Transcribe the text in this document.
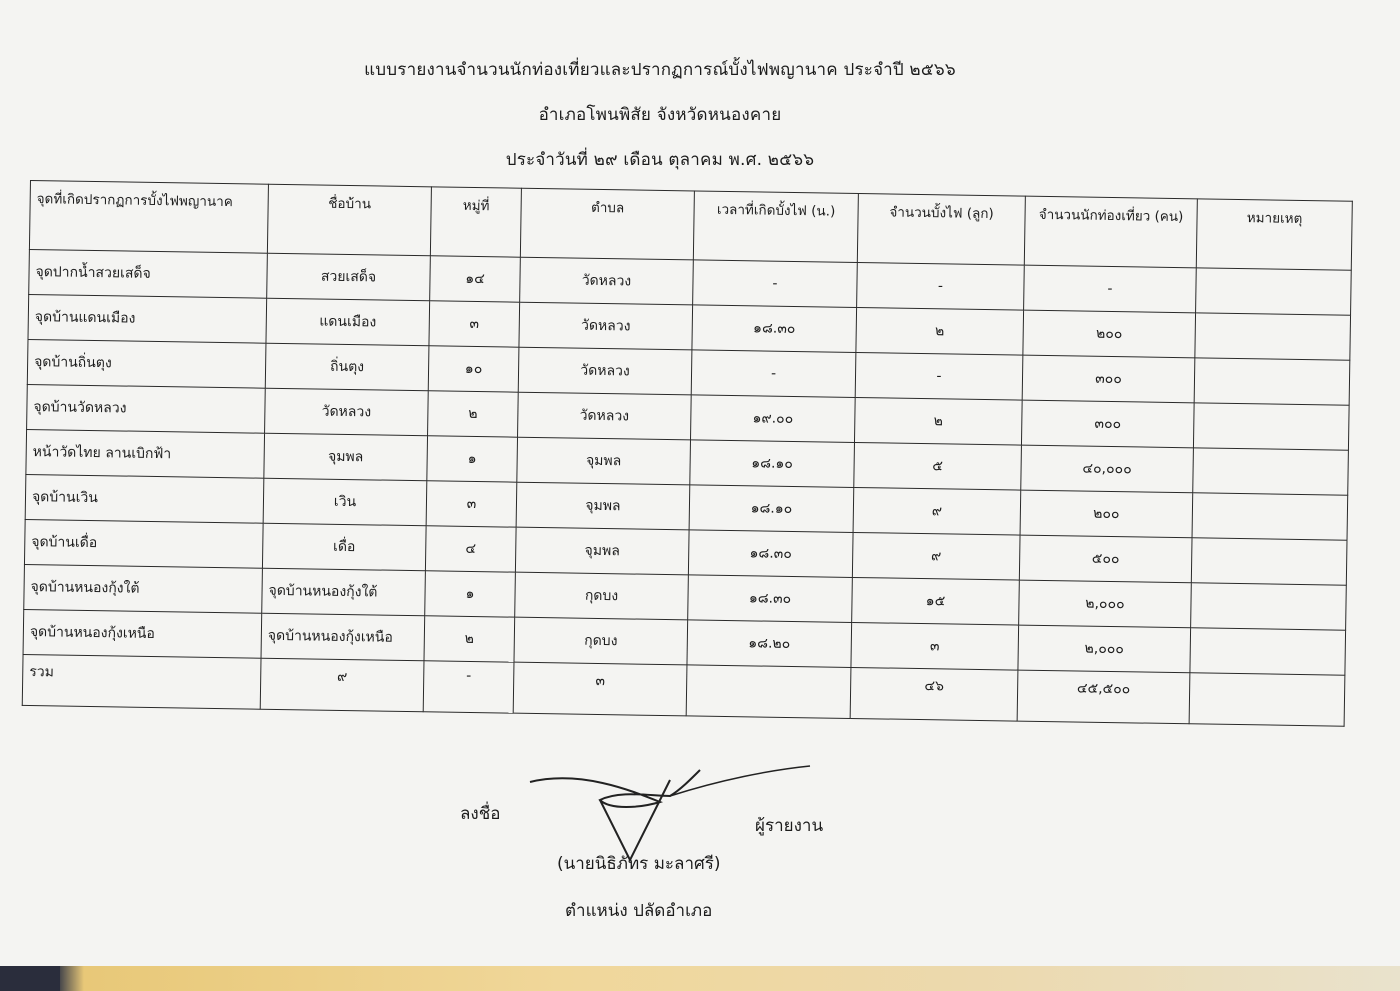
แบบรายงานจำนวนนักท่องเที่ยวและปรากฏการณ์บั้งไฟพญานาค ประจำปี ๒๕๖๖
อำเภอโพนพิสัย จังหวัดหนองคาย
ประจำวันที่ ๒๙ เดือน ตุลาคม พ.ศ. ๒๕๖๖
จุดที่เกิดปรากฏการบั้งไฟพญานาค	ชื่อบ้าน	หมู่ที่	ตำบล	เวลาที่เกิดบั้งไฟ (น.)	จำนวนบั้งไฟ (ลูก)	จำนวนนักท่องเที่ยว (คน)	หมายเหตุ
จุดปากน้ำสวยเสด็จ	สวยเสด็จ	๑๔	วัดหลวง	-	-	-	
จุดบ้านแดนเมือง	แดนเมือง	๓	วัดหลวง	๑๘.๓๐	๒	๒๐๐	
จุดบ้านถิ่นตุง	ถิ่นตุง	๑๐	วัดหลวง	-	-	๓๐๐	
จุดบ้านวัดหลวง	วัดหลวง	๒	วัดหลวง	๑๙.๐๐	๒	๓๐๐	
หน้าวัดไทย ลานเบิกฟ้า	จุมพล	๑	จุมพล	๑๘.๑๐	๕	๔๐,๐๐๐	
จุดบ้านเวิน	เวิน	๓	จุมพล	๑๘.๑๐	๙	๒๐๐	
จุดบ้านเดื่อ	เดื่อ	๔	จุมพล	๑๘.๓๐	๙	๕๐๐	
จุดบ้านหนองกุ้งใต้	จุดบ้านหนองกุ้งใต้	๑	กุดบง	๑๘.๓๐	๑๕	๒,๐๐๐	
จุดบ้านหนองกุ้งเหนือ	จุดบ้านหนองกุ้งเหนือ	๒	กุดบง	๑๘.๒๐	๓	๒,๐๐๐	
รวม	๙	-	๓		๔๖	๔๕,๕๐๐	
ลงชื่อ
ผู้รายงาน
(นายนิธิภัทร มะลาศรี)
ตำแหน่ง ปลัดอำเภอ
